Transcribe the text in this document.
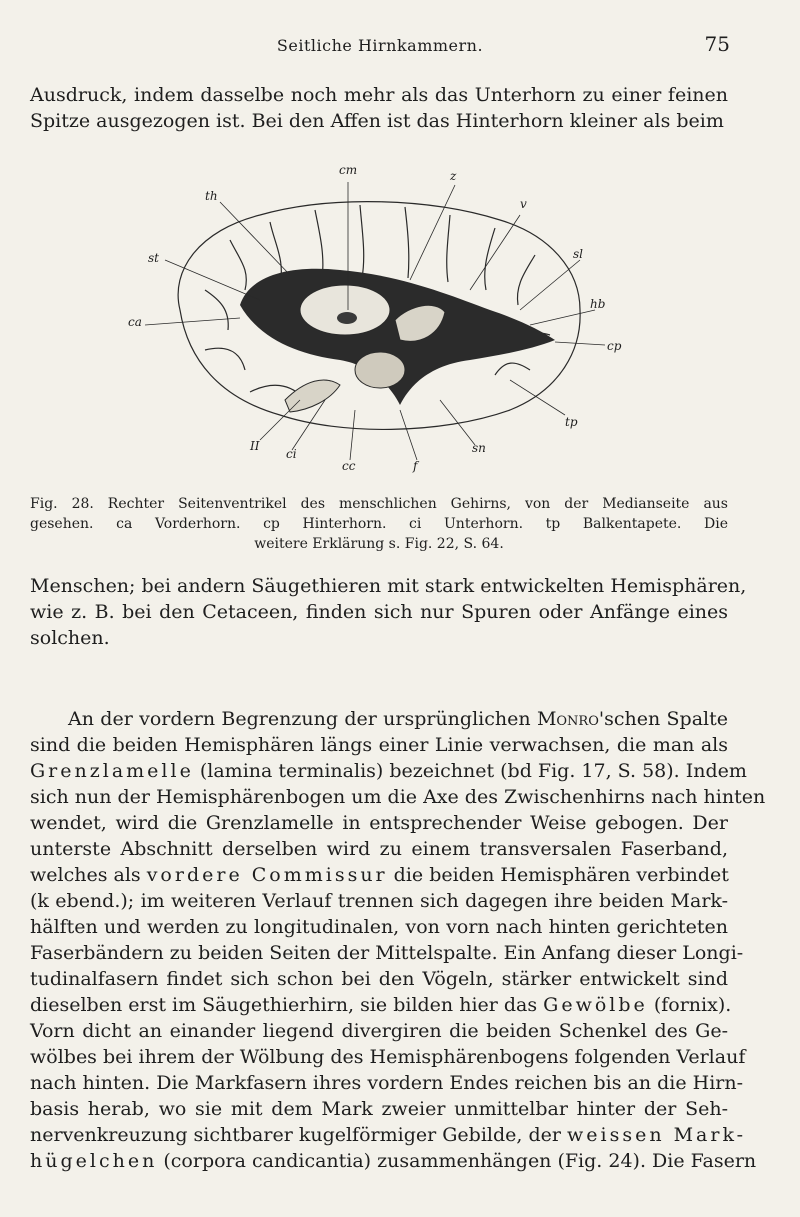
Seitliche Hirnkammern.	75
Ausdruck, indem dasselbe noch mehr als das Unterhorn zu einer feinen
Spitze ausgezogen ist. Bei den Affen ist das Hinterhorn kleiner als beim
cm	z
th
v
st	sl
hb
ca
cp
tp
II
ci	sn
cc	f
Fig. 28. Rechter Seitenventrikel des menschlichen Gehirns, von der Medianseite aus
gesehen. ca Vorderhorn. cp Hinterhorn. ci Unterhorn. tp Balkentapete. Die
weitere Erklärung s. Fig. 22, S. 64.
Menschen; bei andern Säugethieren mit stark entwickelten Hemisphären,
wie z. B. bei den Cetaceen, finden sich nur Spuren oder Anfänge eines
solchen.
An der vordern Begrenzung der ursprünglichen Monro'schen Spalte
sind die beiden Hemisphären längs einer Linie verwachsen, die man als
Grenzlamelle (lamina terminalis) bezeichnet (bd Fig. 17, S. 58). Indem
sich nun der Hemisphärenbogen um die Axe des Zwischenhirns nach hinten
wendet, wird die Grenzlamelle in entsprechender Weise gebogen. Der
unterste Abschnitt derselben wird zu einem transversalen Faserband,
welches als vordere Commissur die beiden Hemisphären verbindet
(k ebend.); im weiteren Verlauf trennen sich dagegen ihre beiden Mark-
hälften und werden zu longitudinalen, von vorn nach hinten gerichteten
Faserbändern zu beiden Seiten der Mittelspalte. Ein Anfang dieser Longi-
tudinalfasern findet sich schon bei den Vögeln, stärker entwickelt sind
dieselben erst im Säugethierhirn, sie bilden hier das Gewölbe (fornix).
Vorn dicht an einander liegend divergiren die beiden Schenkel des Ge-
wölbes bei ihrem der Wölbung des Hemisphärenbogens folgenden Verlauf
nach hinten. Die Markfasern ihres vordern Endes reichen bis an die Hirn-
basis herab, wo sie mit dem Mark zweier unmittelbar hinter der Seh-
nervenkreuzung sichtbarer kugelförmiger Gebilde, der weissen Mark-
hügelchen (corpora candicantia) zusammenhängen (Fig. 24). Die Fasern
